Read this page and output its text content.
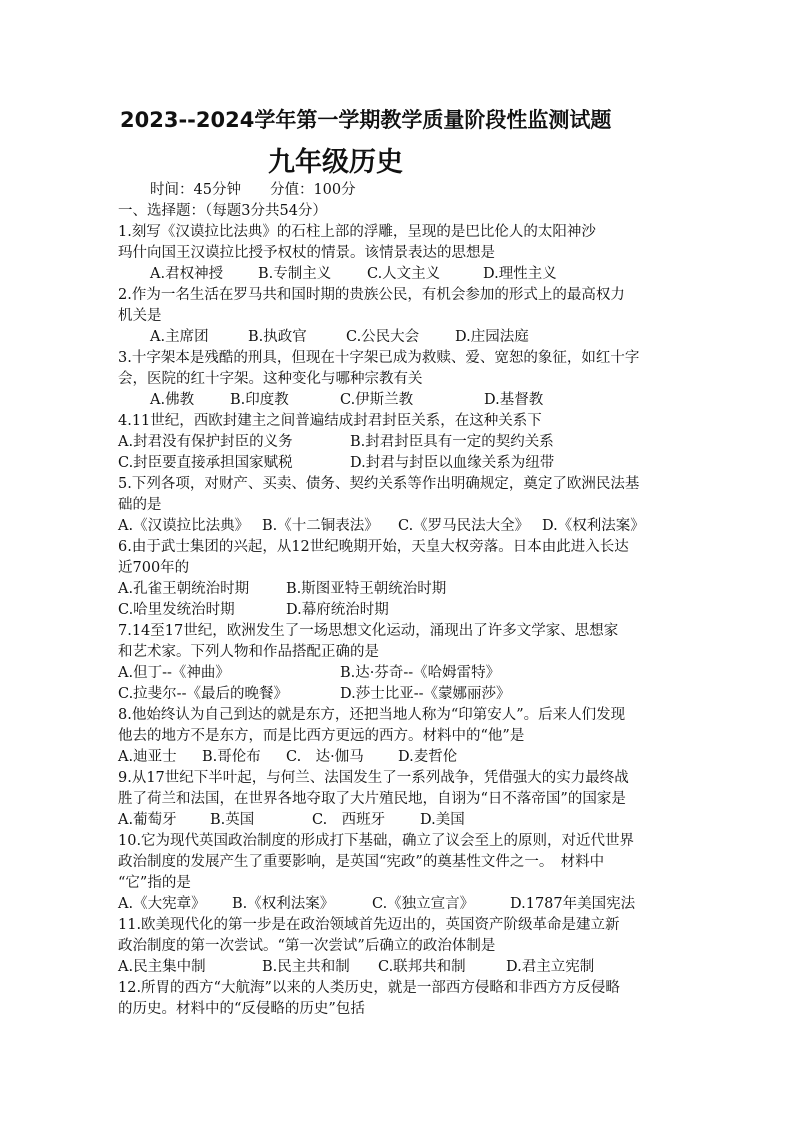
2023--2024学年第一学期教学质量阶段性监测试题
九年级历史
时间：45分钟　　分值：100分
一、选择题：（每题3分共54分）
1.刻写《汉谟拉比法典》的石柱上部的浮雕，呈现的是巴比伦人的太阳神沙
玛什向国王汉谟拉比授予权杖的情景。该情景表达的思想是
A.君权神授 B.专制主义 C.人文主义	D.理性主义
2.作为一名生活在罗马共和国时期的贵族公民，有机会参加的形式上的最高权力
机关是
A.主席团	B.执政官	C.公民大会 D.庄园法庭
3.十字架本是残酷的刑具，但现在十字架已成为救赎、爱、宽恕的象征，如红十字
会，医院的红十字架。这种变化与哪种宗教有关
A.佛教 B.印度教	C.伊斯兰教	D.基督教
4.11世纪，西欧封建主之间普遍结成封君封臣关系，在这种关系下
A.封君没有保护封臣的义务	B.封君封臣具有一定的契约关系
C.封臣要直接承担国家赋税	D.封君与封臣以血缘关系为纽带
5.下列各项，对财产、买卖、债务、契约关系等作出明确规定，奠定了欧洲民法基
础的是
A.《汉谟拉比法典》 B.《十二铜表法》 C.《罗马民法大全》 D.《权利法案》
6.由于武士集团的兴起，从12世纪晚期开始，天皇大权旁落。日本由此进入长达
近700年的
A.孔雀王朝统治时期	B.斯图亚特王朝统治时期
C.哈里发统治时期	D.幕府统治时期
7.14至17世纪，欧洲发生了一场思想文化运动，涌现出了许多文学家、思想家
和艺术家。下列人物和作品搭配正确的是
A.但丁--《神曲》	B.达·芬奇--《哈姆雷特》
C.拉斐尔--《最后的晚餐》	D.莎士比亚--《蒙娜丽莎》
8.他始终认为自己到达的就是东方，还把当地人称为“印第安人”。后来人们发现
他去的地方不是东方，而是比西方更远的西方。材料中的“他”是
A.迪亚士 B.哥伦布 C.　达·伽马 D.麦哲伦
9.从17世纪下半叶起，与何兰、法国发生了一系列战争，凭借强大的实力最终战
胜了荷兰和法国，在世界各地夺取了大片殖民地，自诩为“日不落帝国”的国家是
A.葡萄牙 B.英国	C.　西班牙 D.美国
10.它为现代英国政治制度的形成打下基础，确立了议会至上的原则，对近代世界
政治制度的发展产生了重要影响，是英国“宪政”的奠基性文件之一。　材料中
“它”指的是
A.《大宪章》 B.《权利法案》	C.《独立宣言》 D.1787年美国宪法
11.欧美现代化的第一步是在政治领域首先迈出的，英国资产阶级革命是建立新
政治制度的第一次尝试。“第一次尝试”后确立的政治体制是
A.民主集中制	B.民主共和制 C.联邦共和制	D.君主立宪制
12.所胃的西方“大航海”以来的人类历史，就是一部西方侵略和非西方方反侵略
的历史。材料中的“反侵略的历史”包括
